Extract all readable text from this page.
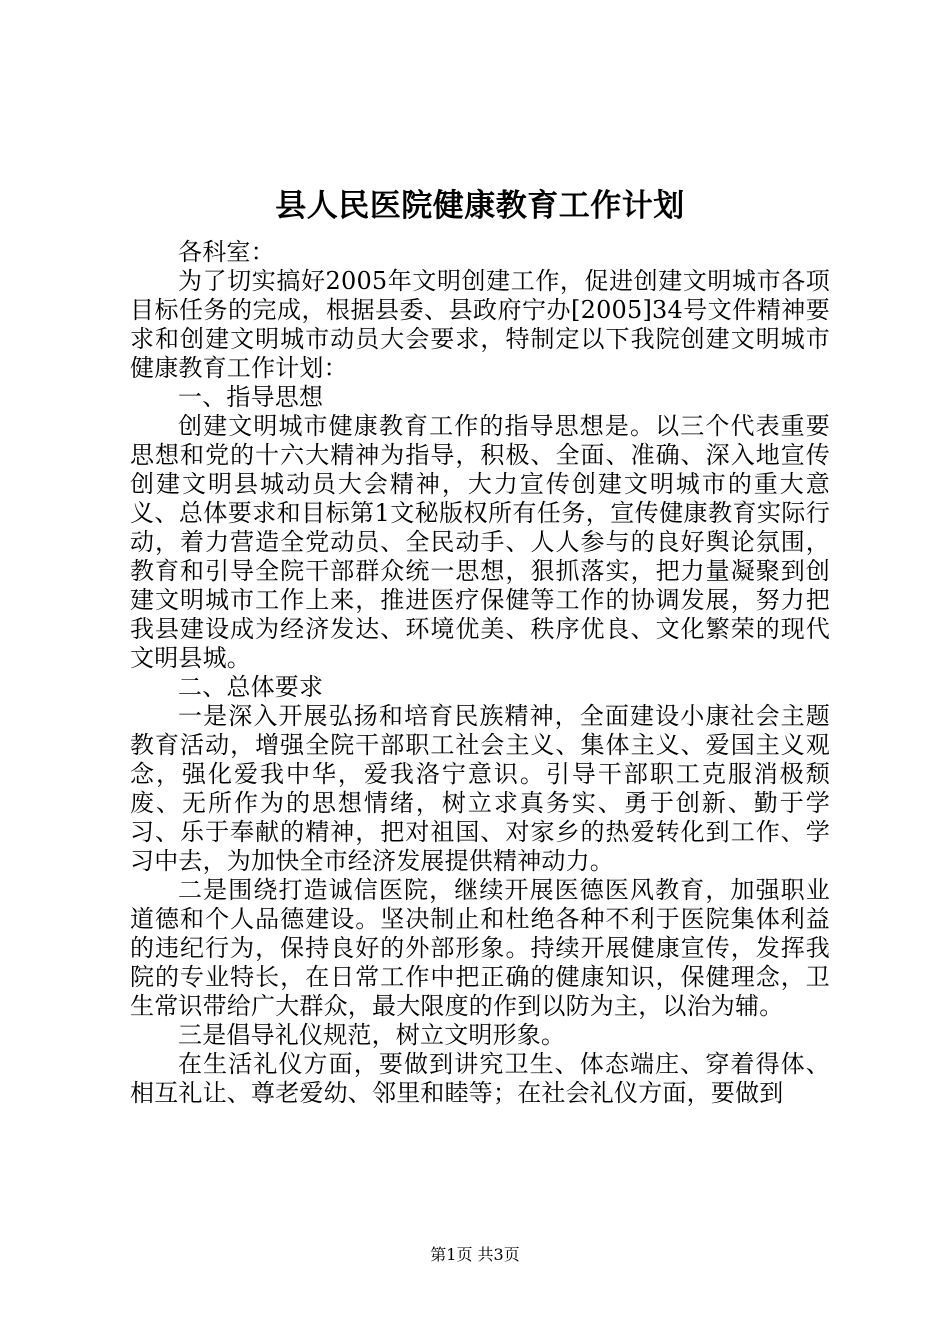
县人民医院健康教育工作计划

各科室：

为了切实搞好2005年文明创建工作，促进创建文明城市各项目标任务的完成，根据县委、县政府宁办[2005]34号文件精神要求和创建文明城市动员大会要求，特制定以下我院创建文明城市健康教育工作计划：

一、指导思想

创建文明城市健康教育工作的指导思想是。以三个代表重要思想和党的十六大精神为指导，积极、全面、准确、深入地宣传创建文明县城动员大会精神，大力宣传创建文明城市的重大意义、总体要求和目标第1文秘版权所有任务，宣传健康教育实际行动，着力营造全党动员、全民动手、人人参与的良好舆论氛围，教育和引导全院干部群众统一思想，狠抓落实，把力量凝聚到创建文明城市工作上来，推进医疗保健等工作的协调发展，努力把我县建设成为经济发达、环境优美、秩序优良、文化繁荣的现代文明县城。

二、总体要求

一是深入开展弘扬和培育民族精神，全面建设小康社会主题教育活动，增强全院干部职工社会主义、集体主义、爱国主义观念，强化爱我中华，爱我洛宁意识。引导干部职工克服消极颓废、无所作为的思想情绪，树立求真务实、勇于创新、勤于学习、乐于奉献的精神，把对祖国、对家乡的热爱转化到工作、学习中去，为加快全市经济发展提供精神动力。

二是围绕打造诚信医院，继续开展医德医风教育，加强职业道德和个人品德建设。坚决制止和杜绝各种不利于医院集体利益的违纪行为，保持良好的外部形象。持续开展健康宣传，发挥我院的专业特长，在日常工作中把正确的健康知识，保健理念，卫生常识带给广大群众，最大限度的作到以防为主，以治为辅。

三是倡导礼仪规范，树立文明形象。

在生活礼仪方面，要做到讲究卫生、体态端庄、穿着得体、相互礼让、尊老爱幼、邻里和睦等；在社会礼仪方面，要做到

第1页 共3页
